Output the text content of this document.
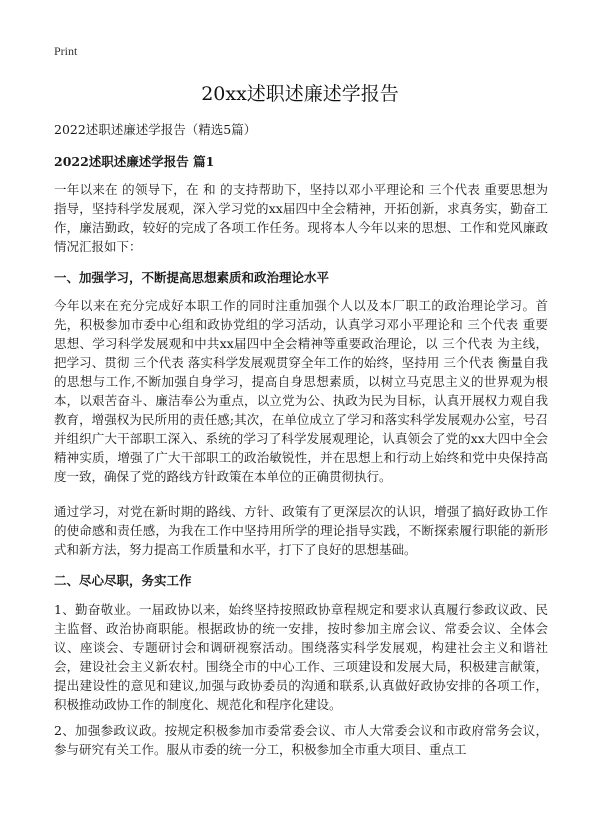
Print
20xx述职述廉述学报告
2022述职述廉述学报告（精选5篇）
2022述职述廉述学报告 篇1

一年以来在 的领导下，在 和 的支持帮助下，坚持以邓小平理论和 三个代表 重要思想为指导，坚持科学发展观，深入学习党的xx届四中全会精神，开拓创新，求真务实，勤奋工作，廉洁勤政，较好的完成了各项工作任务。现将本人今年以来的思想、工作和党风廉政情况汇报如下：

一、加强学习，不断提高思想素质和政治理论水平

今年以来在充分完成好本职工作的同时注重加强个人以及本厂职工的政治理论学习。首先，积极参加市委中心组和政协党组的学习活动，认真学习邓小平理论和 三个代表 重要思想、学习科学发展观和中共xx届四中全会精神等重要政治理论，以 三个代表 为主线，把学习、贯彻 三个代表 落实科学发展观贯穿全年工作的始终，坚持用 三个代表 衡量自我的思想与工作,不断加强自身学习，提高自身思想素质，以树立马克思主义的世界观为根本，以艰苦奋斗、廉洁奉公为重点，以立党为公、执政为民为目标，认真开展权力观自我教育，增强权为民所用的责任感;其次，在单位成立了学习和落实科学发展观办公室，号召并组织广大干部职工深入、系统的学习了科学发展观理论，认真领会了党的xx大四中全会精神实质，增强了广大干部职工的政治敏锐性，并在思想上和行动上始终和党中央保持高度一致，确保了党的路线方针政策在本单位的正确贯彻执行。

通过学习，对党在新时期的路线、方针、政策有了更深层次的认识，增强了搞好政协工作的使命感和责任感，为我在工作中坚持用所学的理论指导实践，不断探索履行职能的新形式和新方法，努力提高工作质量和水平，打下了良好的思想基础。

二、尽心尽职，务实工作

1、勤奋敬业。一届政协以来，始终坚持按照政协章程规定和要求认真履行参政议政、民主监督、政治协商职能。根据政协的统一安排，按时参加主席会议、常委会议、全体会议、座谈会、专题研讨会和调研视察活动。围绕落实科学发展观，构建社会主义和谐社会，建设社会主义新农村。围绕全市的中心工作、三项建设和发展大局，积极建言献策，提出建设性的意见和建议,加强与政协委员的沟通和联系,认真做好政协安排的各项工作，积极推动政协工作的制度化、规范化和程序化建设。

2、加强参政议政。按规定积极参加市委常委会议、市人大常委会议和市政府常务会议，参与研究有关工作。服从市委的统一分工，积极参加全市重大项目、重点工
